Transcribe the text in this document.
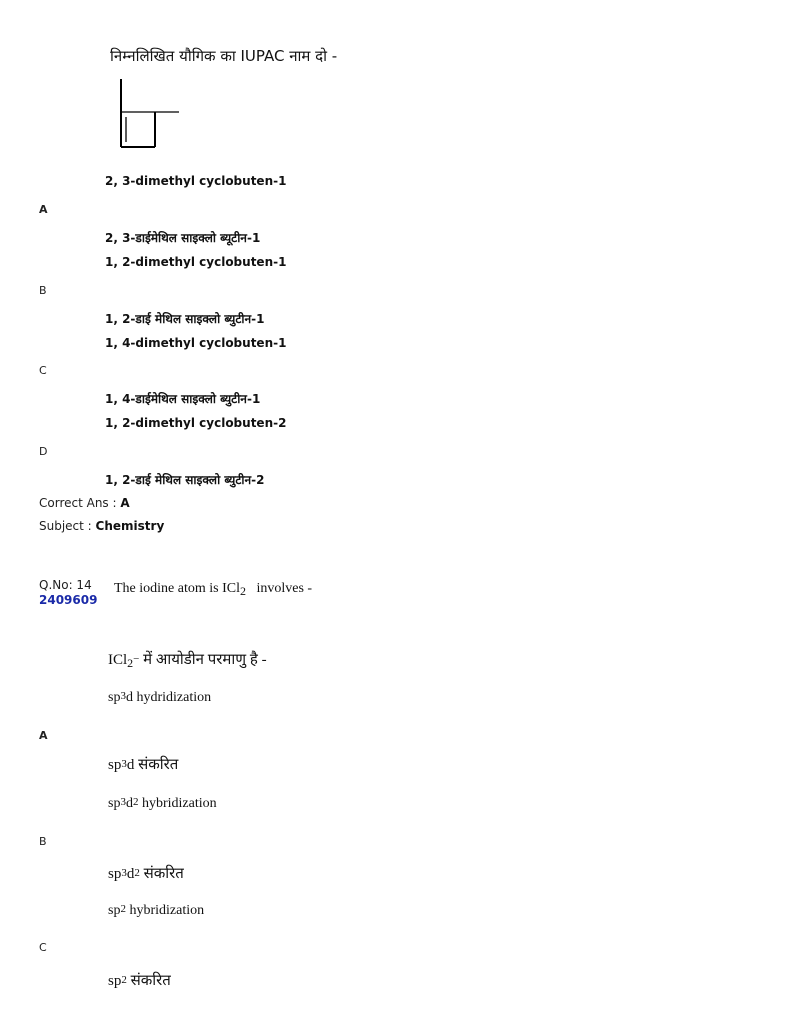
निम्नलिखित यौगिक का IUPAC नाम दो -
2, 3-dimethyl cyclobuten-1
A
2, 3-डाईमेथिल साइक्लो ब्यूटीन-1
1, 2-dimethyl cyclobuten-1
B
1, 2-डाई मेथिल साइक्लो ब्युटीन-1
1, 4-dimethyl cyclobuten-1
C
1, 4-डाईमेथिल साइक्लो ब्युटीन-1
1, 2-dimethyl cyclobuten-2
D
1, 2-डाई मेथिल साइक्लो ब्युटीन-2
Correct Ans : A
Subject : Chemistry
Q.No: 14
2409609
The iodine atom is ICl$_2$ involves -
ICl$_2$− में आयोडीन परमाणु है -
$sp^3d$ hydridization
A
$sp^3d$ संकरित
$sp^3d^2$ hybridization
B
$sp^3d^2$ संकरित
$sp^2$ hybridization
C
$sp^2$ संकरित
